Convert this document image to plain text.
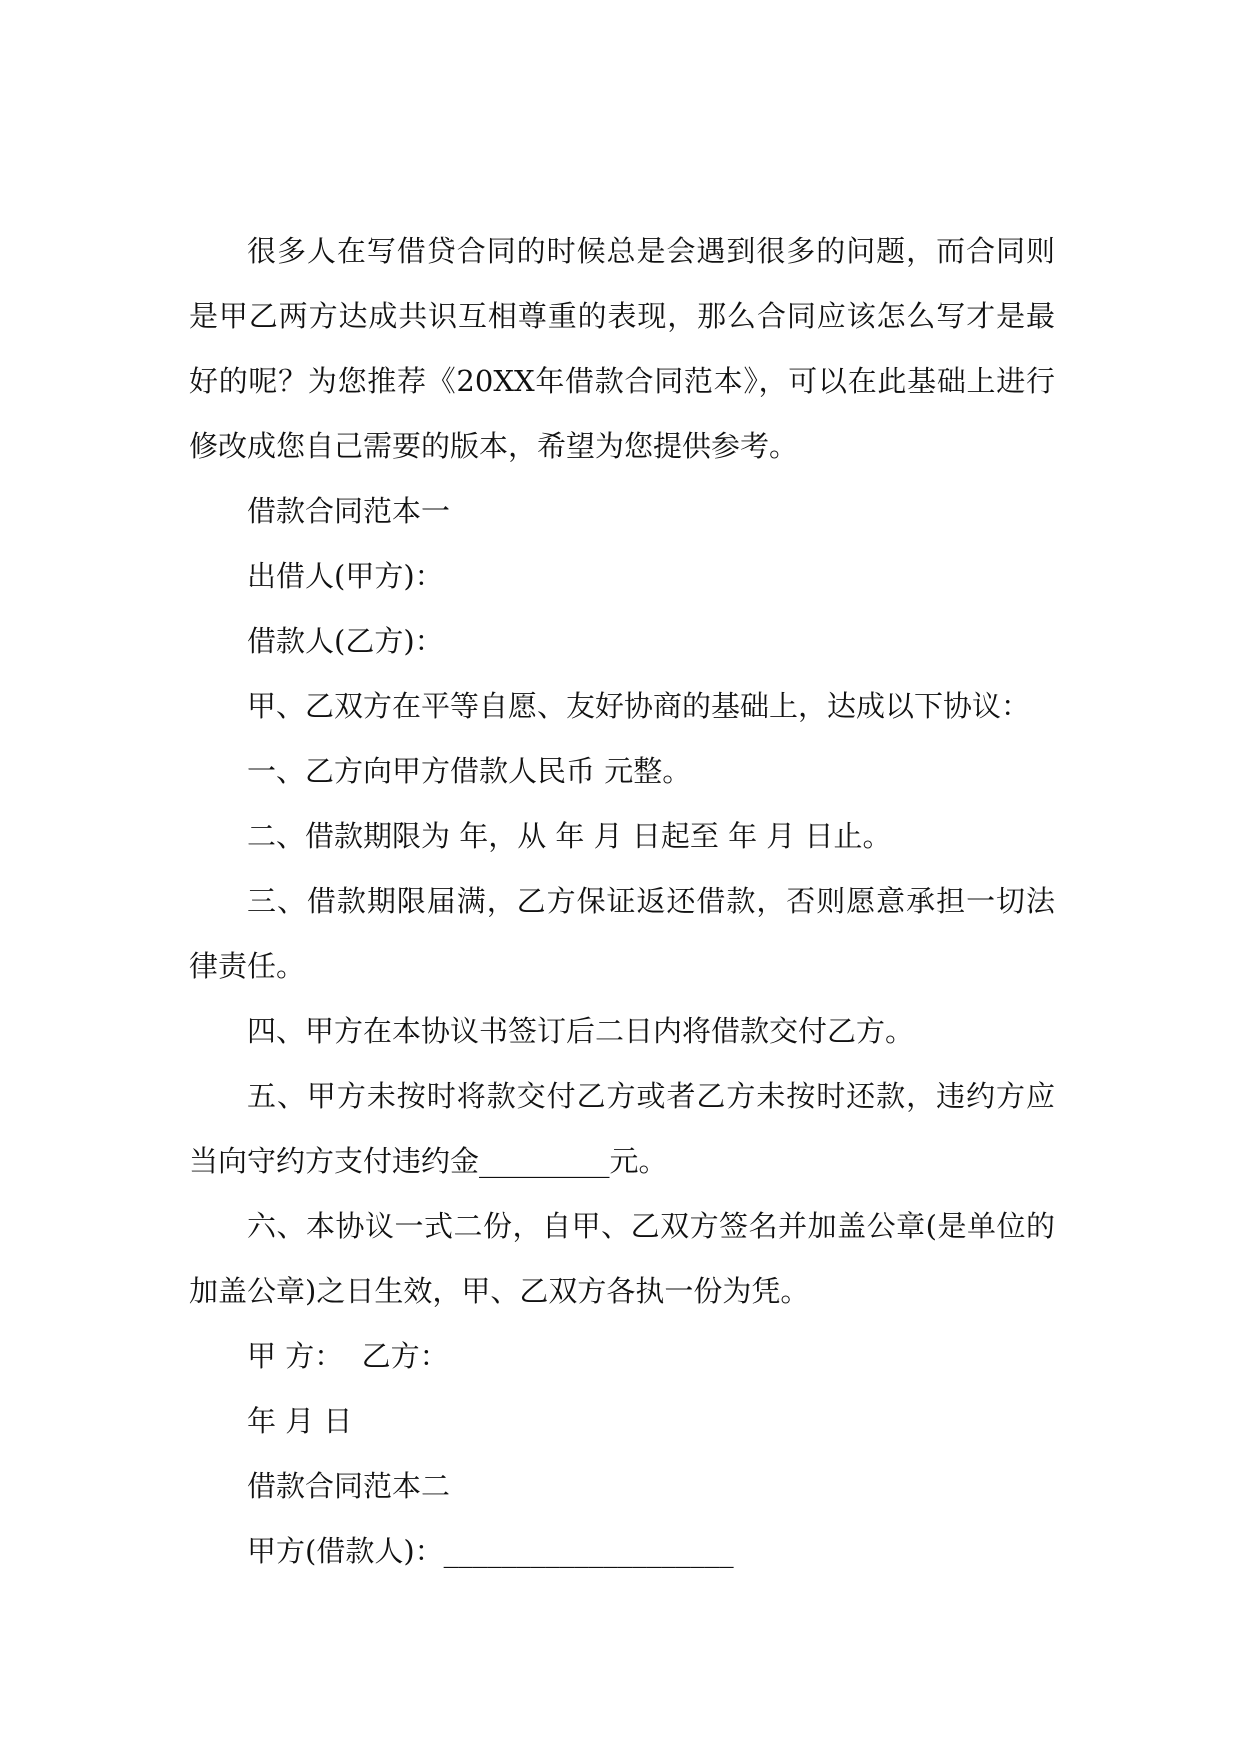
很多人在写借贷合同的时候总是会遇到很多的问题，而合同则是甲乙两方达成共识互相尊重的表现，那么合同应该怎么写才是最好的呢？为您推荐《20XX年借款合同范本》，可以在此基础上进行修改成您自己需要的版本，希望为您提供参考。

借款合同范本一

出借人(甲方)：

借款人(乙方)：

甲、乙双方在平等自愿、友好协商的基础上，达成以下协议：

一、乙方向甲方借款人民币 元整。

二、借款期限为 年，从 年 月 日起至 年 月 日止。

三、借款期限届满，乙方保证返还借款，否则愿意承担一切法律责任。

四、甲方在本协议书签订后二日内将借款交付乙方。

五、甲方未按时将款交付乙方或者乙方未按时还款，违约方应当向守约方支付违约金_________元。

六、本协议一式二份，自甲、乙双方签名并加盖公章(是单位的加盖公章)之日生效，甲、乙双方各执一份为凭。

甲 方：  乙方：

年 月 日

借款合同范本二

甲方(借款人)：____________________
